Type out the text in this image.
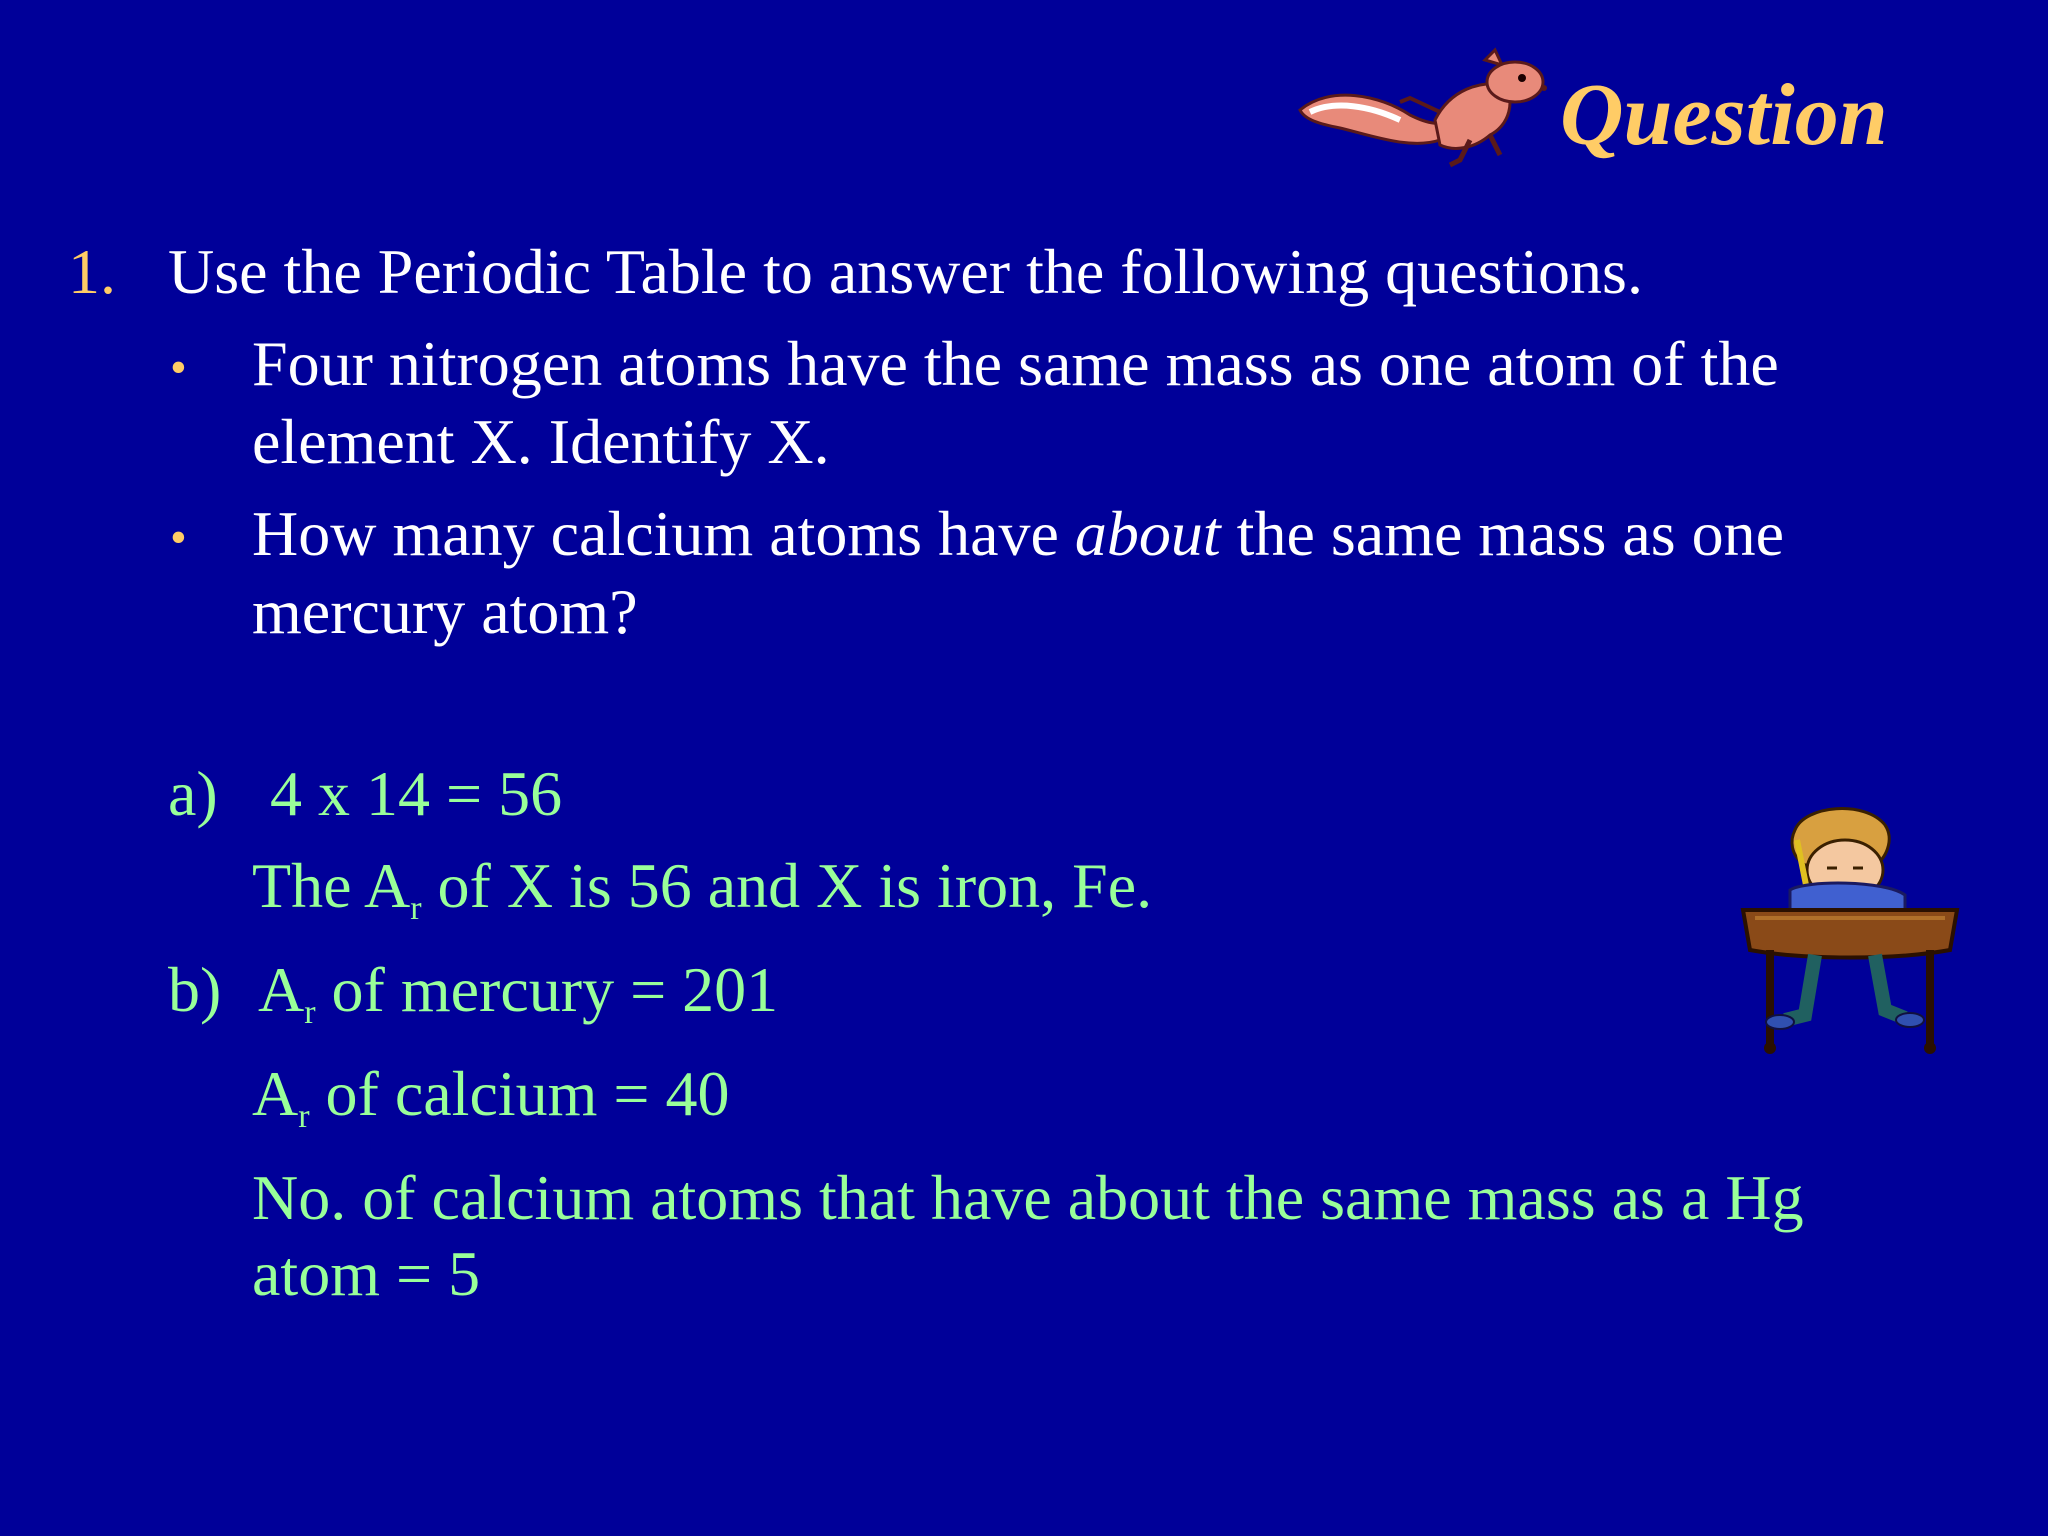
Question
1. Use the Periodic Table to answer the following questions.
• Four nitrogen atoms have the same mass as one atom of the
element X. Identify X.
• How many calcium atoms have about the same mass as one
mercury atom?
a) 4 x 14 = 56
The $A_r$ of X is 56 and X is iron, Fe.
b) $A_r$ of mercury = 201
$A_r$ of calcium = 40
No. of calcium atoms that have about the same mass as a Hg
atom = 5
